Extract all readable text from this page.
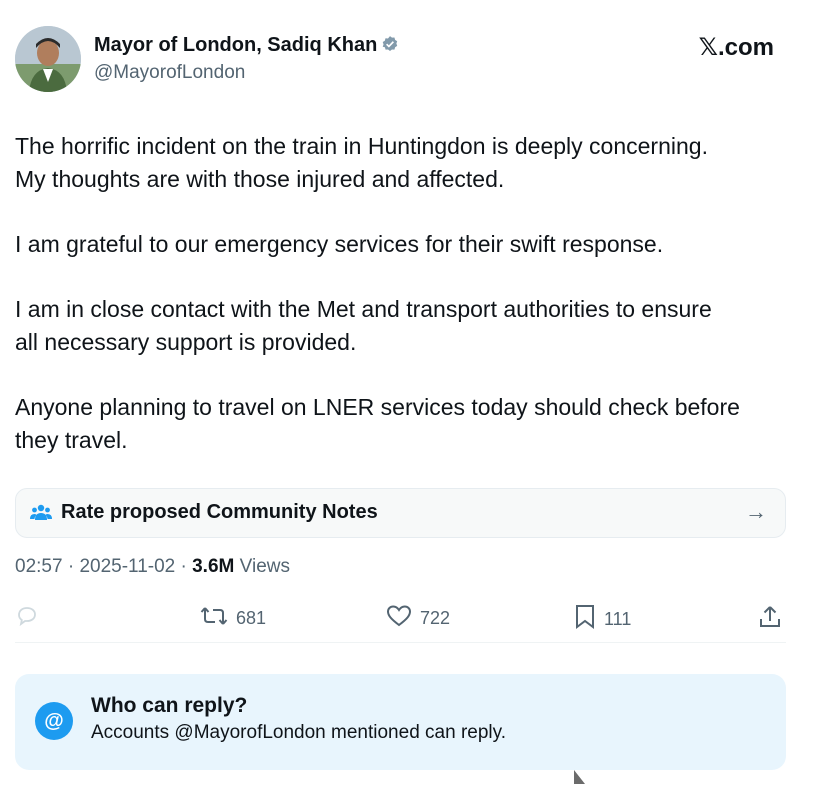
Mayor of London, Sadiq Khan
@MayorofLondon
𝕏.com
The horrific incident on the train in Huntingdon is deeply concerning.
My thoughts are with those injured and affected.
I am grateful to our emergency services for their swift response.
I am in close contact with the Met and transport authorities to ensure
all necessary support is provided.
Anyone planning to travel on LNER services today should check before
they travel.
Rate proposed Community Notes	→
02:57 · 2025-11-02 · 3.6M Views
681	722	111
@
Who can reply?
Accounts @MayorofLondon mentioned can reply.
